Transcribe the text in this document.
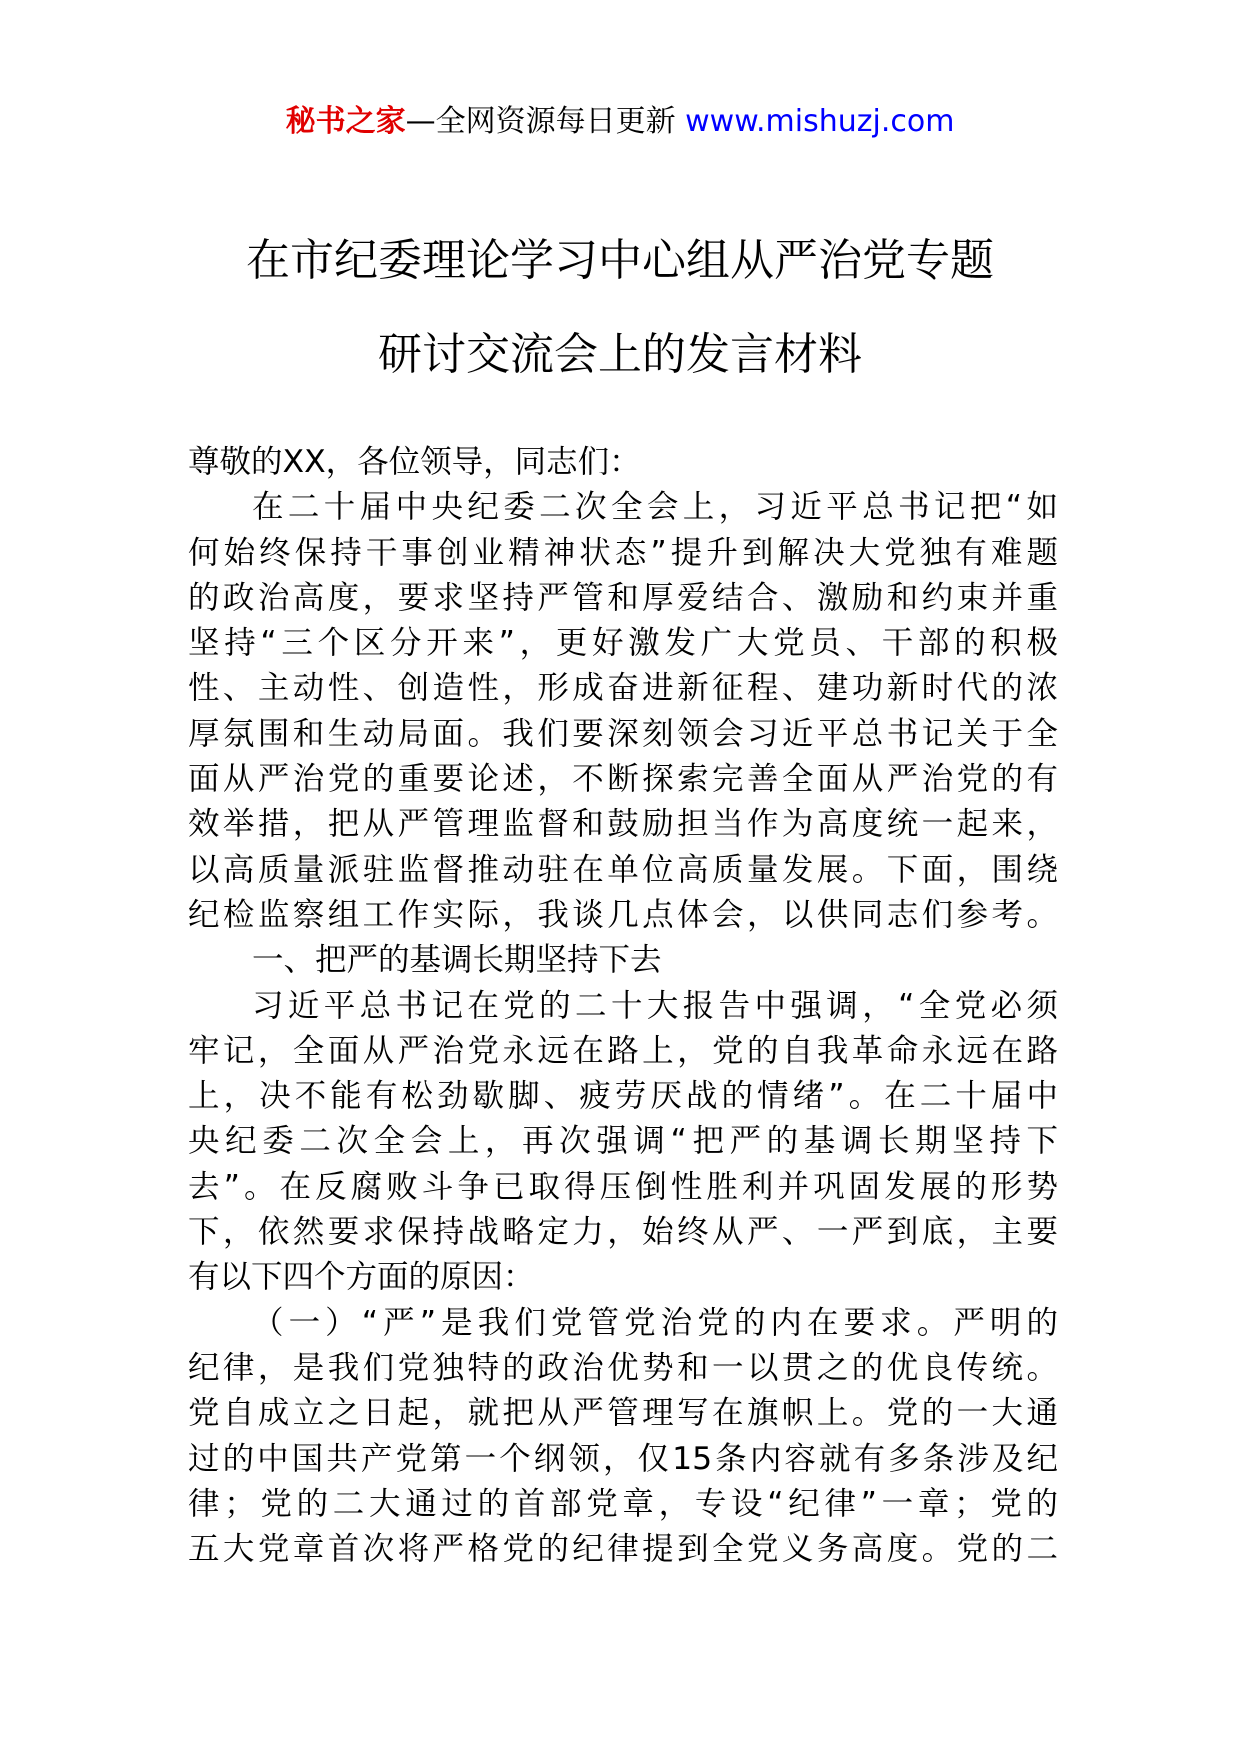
秘书之家—全网资源每日更新 www.mishuzj.com
在市纪委理论学习中心组从严治党专题
研讨交流会上的发言材料
尊敬的XX，各位领导，同志们：
在二十届中央纪委二次全会上，习近平总书记把“如
何始终保持干事创业精神状态”提升到解决大党独有难题
的政治高度，要求坚持严管和厚爱结合、激励和约束并重
坚持“三个区分开来”，更好激发广大党员、干部的积极
性、主动性、创造性，形成奋进新征程、建功新时代的浓
厚氛围和生动局面。我们要深刻领会习近平总书记关于全
面从严治党的重要论述，不断探索完善全面从严治党的有
效举措，把从严管理监督和鼓励担当作为高度统一起来，
以高质量派驻监督推动驻在单位高质量发展。下面，围绕
纪检监察组工作实际，我谈几点体会，以供同志们参考。
一、把严的基调长期坚持下去
习近平总书记在党的二十大报告中强调，“全党必须
牢记，全面从严治党永远在路上，党的自我革命永远在路
上，决不能有松劲歇脚、疲劳厌战的情绪”。在二十届中
央纪委二次全会上，再次强调“把严的基调长期坚持下
去”。在反腐败斗争已取得压倒性胜利并巩固发展的形势
下，依然要求保持战略定力，始终从严、一严到底，主要
有以下四个方面的原因：
（一）“严”是我们党管党治党的内在要求。严明的
纪律，是我们党独特的政治优势和一以贯之的优良传统。
党自成立之日起，就把从严管理写在旗帜上。党的一大通
过的中国共产党第一个纲领，仅15条内容就有多条涉及纪
律；党的二大通过的首部党章，专设“纪律”一章；党的
五大党章首次将严格党的纪律提到全党义务高度。党的二
